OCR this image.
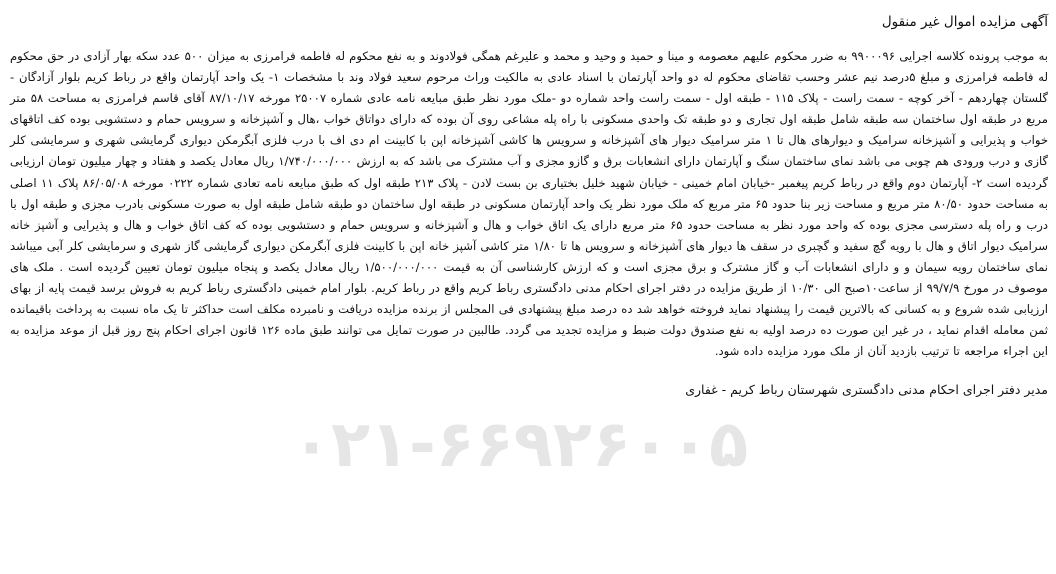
۰۲۱-۶۶۹۲۶۰۰۵
آگهی مزایده اموال غیر منقول

به موجب پرونده کلاسه اجرایی ۹۹۰۰۰۹۶ به ضرر محکوم علیهم معصومه و مینا و حمید و وحید و محمد و علیرغم همگی فولادوند و به نفع محکوم له فاطمه فرامرزی به میزان ۵۰۰ عدد سکه بهار آزادی در حق محکوم له فاطمه فرامرزی و مبلغ ۵درصد نیم عشر وحسب تقاضای محکوم له دو واحد آپارتمان با اسناد عادی به مالکیت وراث مرحوم سعید فولاد وند با مشخصات ۱- یک واحد آپارتمان واقع در رباط کریم بلوار آزادگان - گلستان چهاردهم - آخر کوچه - سمت راست - پلاک ۱۱۵ - طبقه اول - سمت راست واحد شماره دو -ملک مورد نظر طبق مبایعه نامه عادی شماره ۲۵۰۰۷ مورخه ۸۷/۱۰/۱۷ آقای قاسم فرامرزی به مساحت ۵۸ متر مربع در طبقه اول ساختمان سه طبقه شامل طبقه اول تجاری و دو طبقه تک واحدی مسکونی با راه پله مشاعی روی آن بوده که دارای دواتاق خواب ،هال و آشپزخانه و سرویس حمام و دستشویی بوده کف اتاقهای خواب و پذیرایی و آشپزخانه سرامیک و دیوارهای هال تا ۱ متر سرامیک دیوار های آشپزخانه و سرویس ها کاشی آشپزخانه اپن با کابینت ام دی اف با درب فلزی آبگرمکن دیواری گرمایشی شهری و سرمایشی کلر گازی و درب ورودی هم چوبی می باشد نمای ساختمان سنگ و آپارتمان دارای انشعابات برق و گازو مجزی و آب مشترک می باشد که به ارزش ۱/۷۴۰/۰۰۰/۰۰۰ ریال معادل یکصد و هفتاد و چهار میلیون تومان ارزیابی گردیده است ۲- آپارتمان دوم واقع در رباط کریم پیغمبر -خیابان امام خمینی - خیابان شهید خلیل بختیاری بن بست لادن - پلاک ۲۱۳ طبقه اول که طبق مبایعه نامه تعادی شماره ۰۲۲۲ مورخه ۸۶/۰۵/۰۸ پلاک ۱۱ اصلی به مساحت حدود ۸۰/۵۰ متر مربع و مساحت زیر بنا حدود ۶۵ متر مربع که ملک مورد نظر یک واحد آپارتمان مسکونی در طبقه اول ساختمان دو طبقه شامل طبقه اول به صورت مسکونی بادرب مجزی و طبقه اول با درب و راه پله دسترسی مجزی بوده که واحد مورد نظر به مساحت حدود ۶۵ متر مربع دارای یک اتاق خواب و هال و آشپزخانه و سرویس حمام و دستشویی بوده که کف اتاق خواب و هال و پذیرایی و آشپز خانه سرامیک دیوار اتاق و هال با رویه گچ سفید و گچبری در سقف ها دیوار های آشپزخانه و سرویس ها تا ۱/۸۰ متر کاشی آشپز خانه اپن با کابینت فلزی آبگرمکن دیواری گرمایشی گاز شهری و سرمایشی کلر آبی میباشد نمای ساختمان رویه سیمان و و دارای انشعابات آب و گاز مشترک و برق مجزی است و که ارزش کارشناسی آن به قیمت ۱/۵۰۰/۰۰۰/۰۰۰ ریال معادل یکصد و پنجاه میلیون تومان تعیین گردیده است . ملک های موصوف در مورخ ۹۹/۷/۹ از ساعت۱۰صبح الی ۱۰/۳۰ از طریق مزایده در دفتر اجرای احکام مدنی دادگستری رباط کریم واقع در رباط کریم. بلوار امام خمینی دادگستری رباط کریم به فروش برسد قیمت پایه از بهای ارزیابی شده شروع و به کسانی که بالاترین قیمت را پیشنهاد نماید فروخته خواهد شد ده درصد مبلغ پیشنهادی فی المجلس از برنده مزایده دریافت و نامبرده مکلف است حداکثر تا یک ماه نسبت به پرداخت باقیمانده ثمن معامله اقدام نماید ، در غیر این صورت ده درصد اولیه به نفع صندوق دولت ضبط و مزایده تجدید می گردد. طالبین در صورت تمایل می توانند طبق ماده ۱۲۶ قانون اجرای احکام پنج روز قبل از موعد مزایده به این اجراء مراجعه تا ترتیب بازدید آنان از ملک مورد مزایده داده شود.

مدیر دفتر اجرای احکام مدنی دادگستری شهرستان رباط کریم - غفاری
